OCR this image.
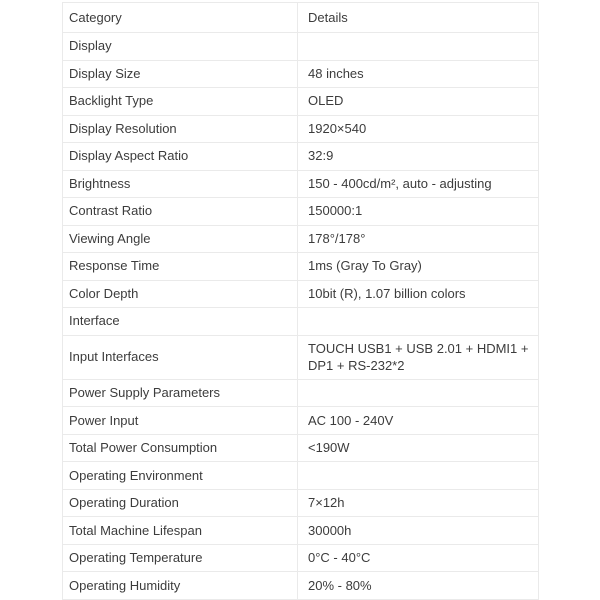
Category	Details
Display	
Display Size	48 inches
Backlight Type	OLED
Display Resolution	1920×540
Display Aspect Ratio	32:9
Brightness	150 - 400cd/m², auto - adjusting
Contrast Ratio	150000:1
Viewing Angle	178°/178°
Response Time	1ms (Gray To Gray)
Color Depth	10bit (R), 1.07 billion colors
Interface	
Input Interfaces	TOUCH USB1 + USB 2.01 + HDMI1 + DP1 + RS-232*2
Power Supply Parameters	
Power Input	AC 100 - 240V
Total Power Consumption	<190W
Operating Environment	
Operating Duration	7×12h
Total Machine Lifespan	30000h
Operating Temperature	0°C - 40°C
Operating Humidity	20% - 80%
